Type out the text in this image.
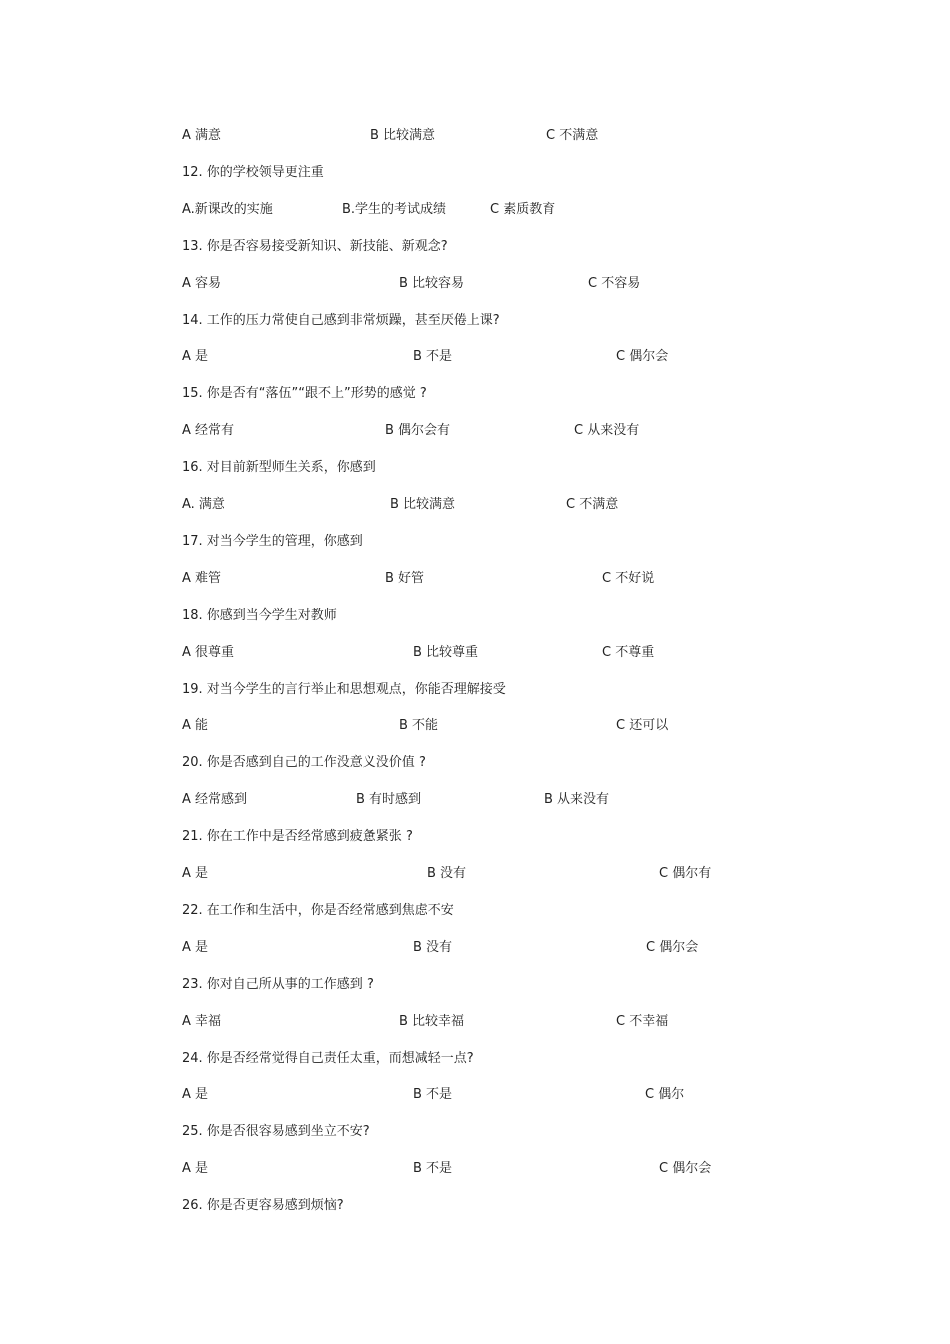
A 满意	B 比较满意	C 不满意
12. 你的学校领导更注重
A.新课改的实施	B.学生的考试成绩	C 素质教育
13. 你是否容易接受新知识、新技能、新观念?
A 容易	B 比较容易	C 不容易
14. 工作的压力常使自己感到非常烦躁，甚至厌倦上课?
A 是	B 不是	C 偶尔会
15. 你是否有“落伍”“跟不上”形势的感觉 ?
A 经常有	B 偶尔会有	C 从来没有
16. 对目前新型师生关系，你感到
A. 满意	B 比较满意	C 不满意
17. 对当今学生的管理，你感到
A 难管	B 好管	C 不好说
18. 你感到当今学生对教师
A 很尊重	B 比较尊重	C 不尊重
19. 对当今学生的言行举止和思想观点，你能否理解接受
A 能	B 不能	C 还可以
20. 你是否感到自己的工作没意义没价值 ?
A 经常感到	B 有时感到	B 从来没有
21. 你在工作中是否经常感到疲惫紧张 ?
A 是	B 没有	C 偶尔有
22. 在工作和生活中，你是否经常感到焦虑不安
A 是	B 没有	C 偶尔会
23. 你对自己所从事的工作感到 ?
A 幸福	B 比较幸福	C 不幸福
24. 你是否经常觉得自己责任太重，而想减轻一点?
A 是	B 不是	C 偶尔
25. 你是否很容易感到坐立不安?
A 是	B 不是	C 偶尔会
26. 你是否更容易感到烦恼?
